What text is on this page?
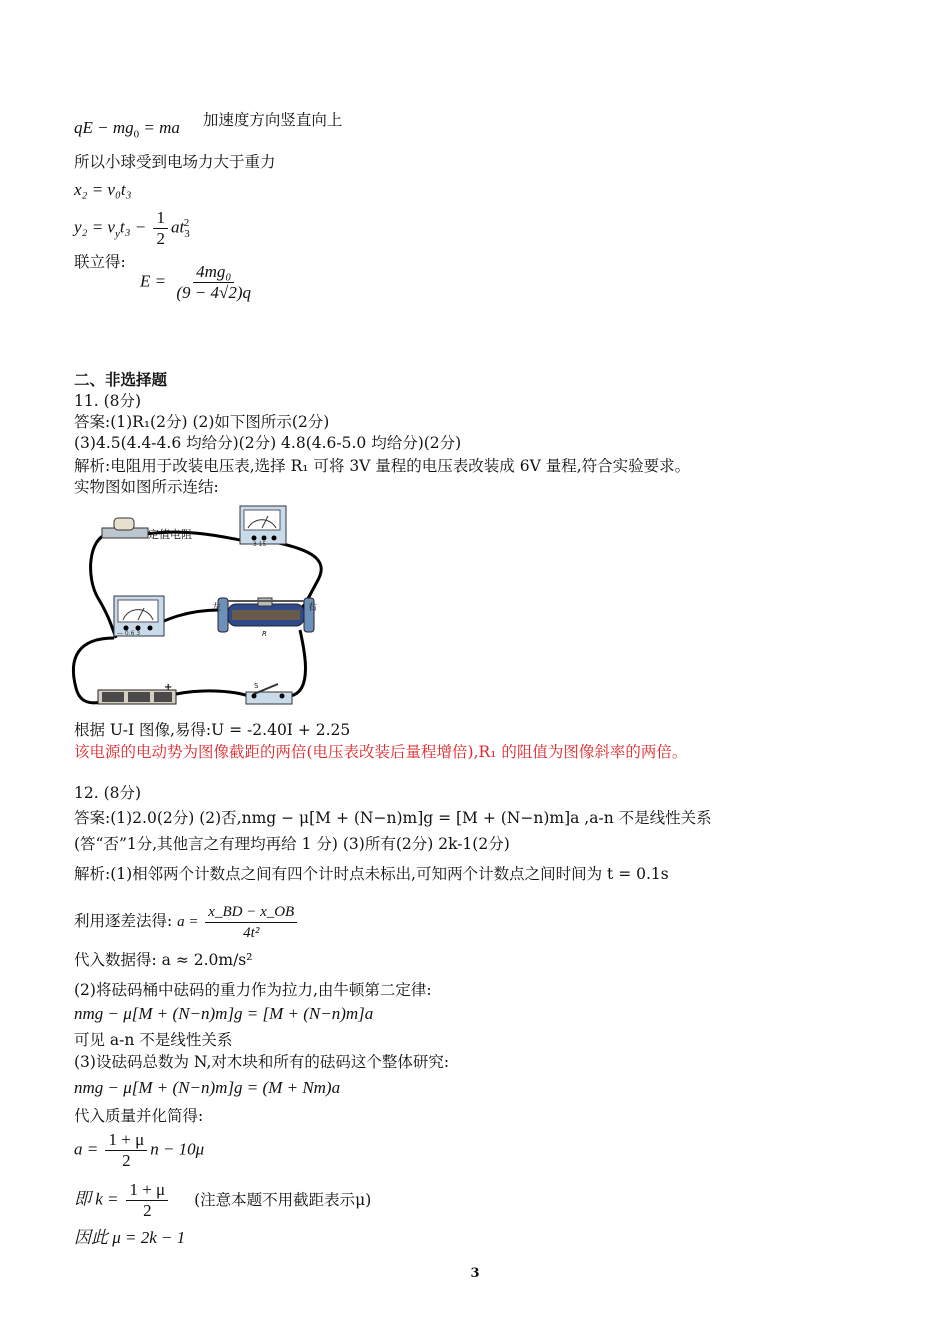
qE − $mg_0$ = ma 加速度方向竖直向上
所以小球受到电场力大于重力
x₂ = v₀t₃
$y_2 = v_yt_3 - \frac{1}{2} at_3^2$
联立得:
$E = \frac{\text{4mg₀}}{(9 - 4√2)q}$
二、非选择题
11. (8分)
答案:(1)R₁(2分) (2)如下图所示(2分)
(3)4.5(4.4-4.6 均给分)(2分) 4.8(4.6-5.0 均给分)(2分)
解析:电阻用于改装电压表,选择 R₁ 可将 3V 量程的电压表改装成 6V 量程,符合实验要求。
实物图如图所示连结:
定值电阻
— 3 15
— 0.6 3
左	右
R
+	S
根据 U-I 图像,易得:U = -2.40I + 2.25
该电源的电动势为图像截距的两倍(电压表改装后量程增倍),R₁ 的阻值为图像斜率的两倍。
12. (8分)
答案:(1)2.0(2分) (2)否,nmg − μ[M + (N−n)m]g = [M + (N−n)m]a ,a-n 不是线性关系
(答“否”1分,其他言之有理均再给 1 分) (3)所有(2分) 2k-1(2分)
解析:(1)相邻两个计数点之间有四个计时点未标出,可知两个计数点之间时间为 t = 0.1s
利用逐差法得: $a = \frac{x\_BD - x\_OB}{\text{4t²}}$
代入数据得: a ≈ 2.0m/s²
(2)将砝码桶中砝码的重力作为拉力,由牛顿第二定律:
nmg − μ[M + (N−n)m]g = [M + (N−n)m]a
可见 a-n 不是线性关系
(3)设砝码总数为 N,对木块和所有的砝码这个整体研究:
nmg − μ[M + (N−n)m]g = (M + Nm)a
代入质量并化简得:
$a = \frac{1 + \mu}{2}$ n − 10μ
即 $k = \frac{1 + \mu}{2}$ (注意本题不用截距表示μ)
因此 μ = 2k − 1
3
